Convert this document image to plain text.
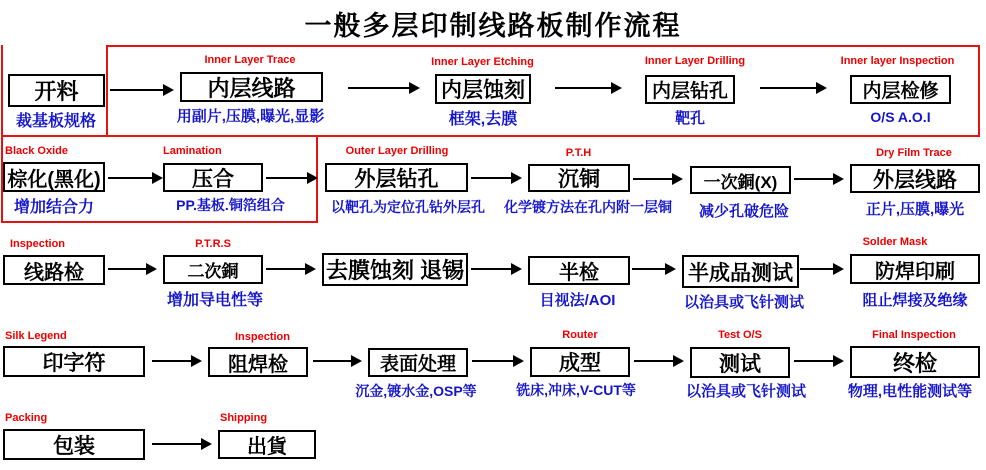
一般多层印制线路板制作流程
Inner Layer Trace	Inner Layer Etching	Inner Layer Drilling	Inner layer Inspection
开料	内层线路	内层蚀刻	内层钻孔	内层检修
裁基板规格	用副片,压膜,曝光,显影	框架,去膜	靶孔	O/S A.O.I
Black Oxide	Lamination	Outer Layer Drilling	P.T.H	Dry Film Trace
棕化(黑化)	压合	外层钻孔	沉铜	一次銅(X)	外层线路
增加结合力	PP.基板.铜箔组合	以靶孔为定位孔钻外层孔	化学镀方法在孔内附一层铜	减少孔破危险	正片,压膜,曝光
Inspection	P.T.R.S	Solder Mask
线路检	二次銅	去膜蚀刻 退锡	半检	半成品测试	防焊印刷
增加导电性等	目视法/AOI	以治具或飞针测试	阻止焊接及绝缘
Silk Legend	Inspection	Router	Test O/S	Final Inspection
印字符	阻焊检	表面处理	成型	测试	终检
沉金,镀水金,OSP等	铣床,冲床,V-CUT等	以治具或飞针测试	物理,电性能测试等
Packing	Shipping
包装	出貨
